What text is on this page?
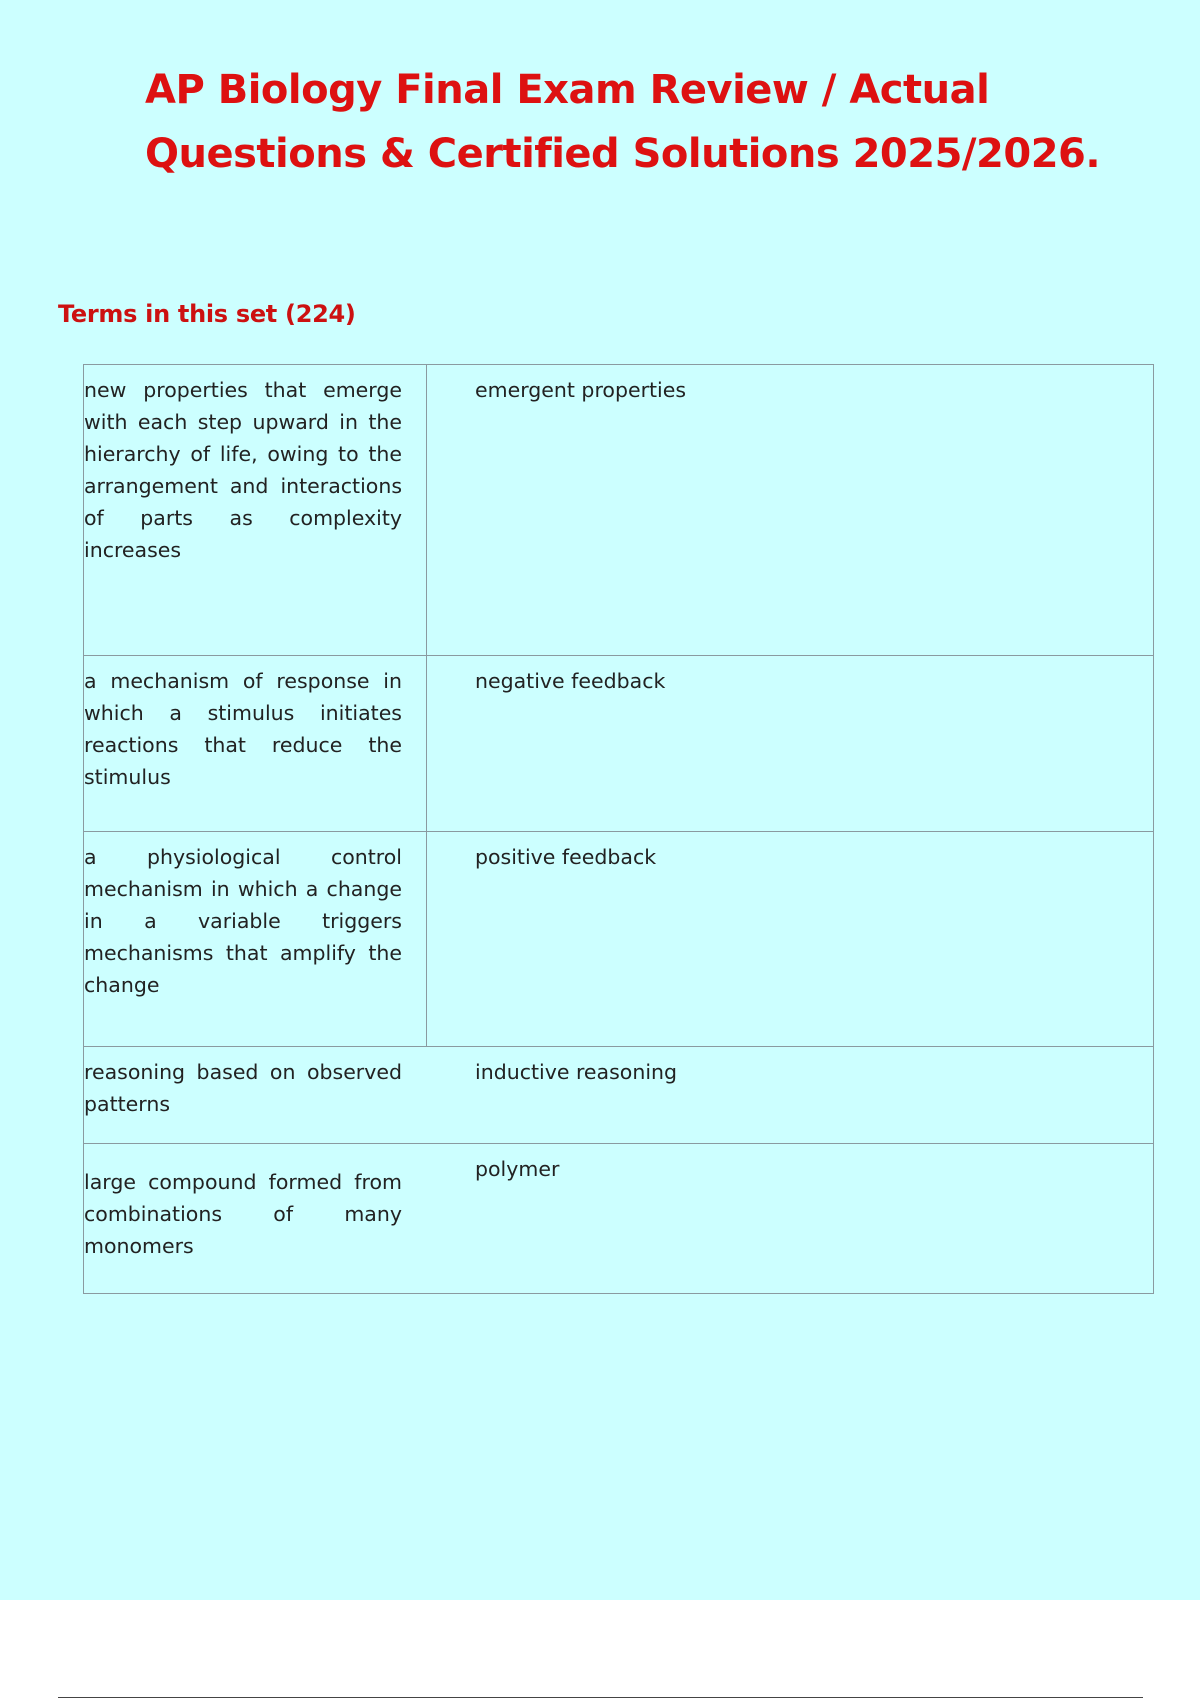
AP Biology Final Exam Review / Actual
Questions & Certified Solutions 2025/2026.
Terms in this set (224)
new properties that emerge with each step upward in the hierarchy of life, owing to the arrangement and interactions of parts as complexity increases	emergent properties
a mechanism of response in which a stimulus initiates reactions that reduce the stimulus	negative feedback
a physiological control mechanism in which a change in a variable triggers mechanisms that amplify the change	positive feedback
reasoning based on observed patterns	inductive reasoning
large compound formed from combinations of many monomers	polymer
